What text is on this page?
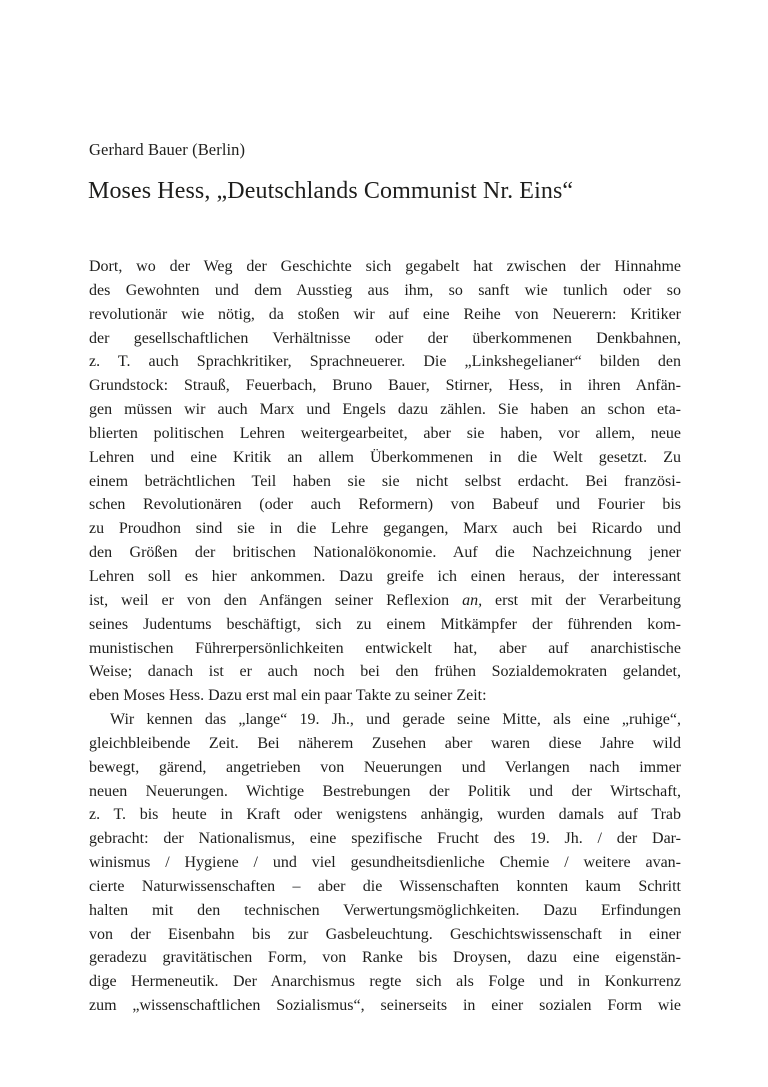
Gerhard Bauer (Berlin)
Moses Hess, „Deutschlands Communist Nr. Eins“
Dort, wo der Weg der Geschichte sich gegabelt hat zwischen der Hinnahme
des Gewohnten und dem Ausstieg aus ihm, so sanft wie tunlich oder so
revolutionär wie nötig, da stoßen wir auf eine Reihe von Neuerern: Kritiker
der gesellschaftlichen Verhältnisse oder der überkommenen Denkbahnen,
z. T. auch Sprachkritiker, Sprachneuerer. Die „Linkshegelianer“ bilden den
Grundstock: Strauß, Feuerbach, Bruno Bauer, Stirner, Hess, in ihren Anfän-
gen müssen wir auch Marx und Engels dazu zählen. Sie haben an schon eta-
blierten politischen Lehren weitergearbeitet, aber sie haben, vor allem, neue
Lehren und eine Kritik an allem Überkommenen in die Welt gesetzt. Zu
einem beträchtlichen Teil haben sie sie nicht selbst erdacht. Bei französi-
schen Revolutionären (oder auch Reformern) von Babeuf und Fourier bis
zu Proudhon sind sie in die Lehre gegangen, Marx auch bei Ricardo und
den Größen der britischen Nationalökonomie. Auf die Nachzeichnung jener
Lehren soll es hier ankommen. Dazu greife ich einen heraus, der interessant
ist, weil er von den Anfängen seiner Reflexion an, erst mit der Verarbeitung
seines Judentums beschäftigt, sich zu einem Mitkämpfer der führenden kom-
munistischen Führerpersönlichkeiten entwickelt hat, aber auf anarchistische
Weise; danach ist er auch noch bei den frühen Sozialdemokraten gelandet,
eben Moses Hess. Dazu erst mal ein paar Takte zu seiner Zeit:
Wir kennen das „lange“ 19. Jh., und gerade seine Mitte, als eine „ruhige“,
gleichbleibende Zeit. Bei näherem Zusehen aber waren diese Jahre wild
bewegt, gärend, angetrieben von Neuerungen und Verlangen nach immer
neuen Neuerungen. Wichtige Bestrebungen der Politik und der Wirtschaft,
z. T. bis heute in Kraft oder wenigstens anhängig, wurden damals auf Trab
gebracht: der Nationalismus, eine spezifische Frucht des 19. Jh. / der Dar-
winismus / Hygiene / und viel gesundheitsdienliche Chemie / weitere avan-
cierte Naturwissenschaften – aber die Wissenschaften konnten kaum Schritt
halten mit den technischen Verwertungsmöglichkeiten. Dazu Erfindungen
von der Eisenbahn bis zur Gasbeleuchtung. Geschichtswissenschaft in einer
geradezu gravitätischen Form, von Ranke bis Droysen, dazu eine eigenstän-
dige Hermeneutik. Der Anarchismus regte sich als Folge und in Konkurrenz
zum „wissenschaftlichen Sozialismus“, seinerseits in einer sozialen Form wie
